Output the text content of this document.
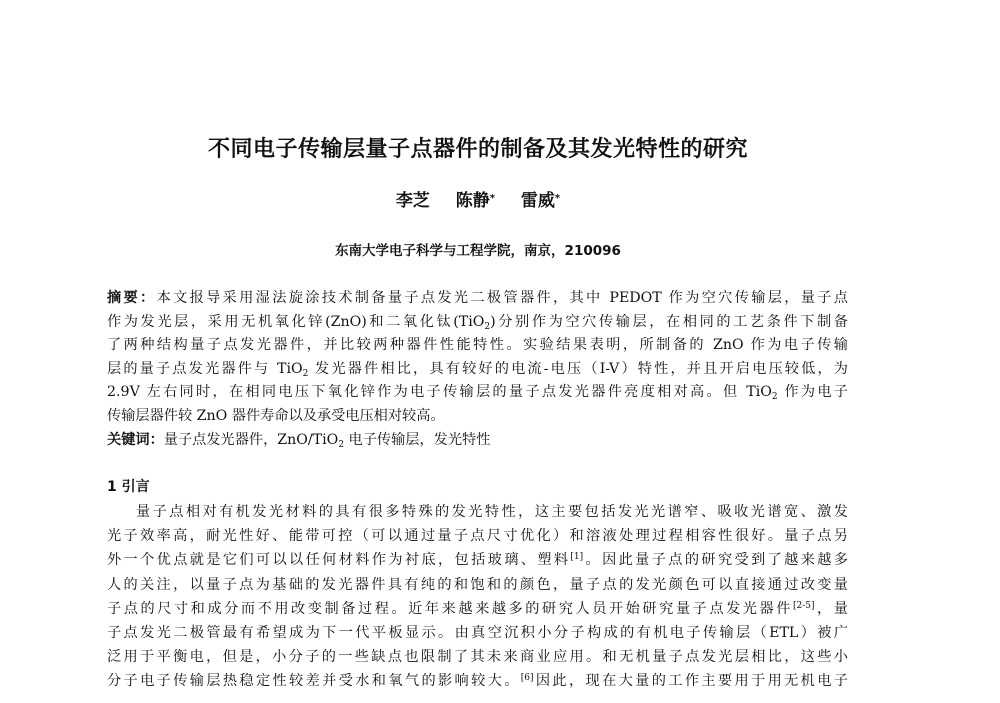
不同电子传输层量子点器件的制备及其发光特性的研究
李芝 陈静* 雷威*
东南大学电子科学与工程学院，南京，210096
摘要：本文报导采用湿法旋涂技术制备量子点发光二极管器件，其中 PEDOT 作为空穴传输层，量子点
作为发光层，采用无机氧化锌(ZnO)和二氧化钛(TiO$_2$)分别作为空穴传输层，在相同的工艺条件下制备
了两种结构量子点发光器件，并比较两种器件性能特性。实验结果表明，所制备的 ZnO 作为电子传输
层的量子点发光器件与 TiO$_2$ 发光器件相比，具有较好的电流-电压（I-V）特性，并且开启电压较低，为
2.9V 左右同时，在相同电压下氧化锌作为电子传输层的量子点发光器件亮度相对高。但 TiO$_2$ 作为电子
传输层器件较 ZnO 器件寿命以及承受电压相对较高。
关键词：量子点发光器件，ZnO/TiO$_2$ 电子传输层，发光特性
1 引言
量子点相对有机发光材料的具有很多特殊的发光特性，这主要包括发光光谱窄、吸收光谱宽、激发
光子效率高，耐光性好、能带可控（可以通过量子点尺寸优化）和溶液处理过程相容性很好。量子点另
外一个优点就是它们可以以任何材料作为衬底，包括玻璃、塑料[1]。因此量子点的研究受到了越来越多
人的关注，以量子点为基础的发光器件具有纯的和饱和的颜色，量子点的发光颜色可以直接通过改变量
子点的尺寸和成分而不用改变制备过程。近年来越来越多的研究人员开始研究量子点发光器件[2-5]，量
子点发光二极管最有希望成为下一代平板显示。由真空沉积小分子构成的有机电子传输层（ETL）被广
泛用于平衡电，但是，小分子的一些缺点也限制了其未来商业应用。和无机量子点发光层相比，这些小
分子电子传输层热稳定性较差并受水和氧气的影响较大。[6]因此，现在大量的工作主要用于用无机电子
